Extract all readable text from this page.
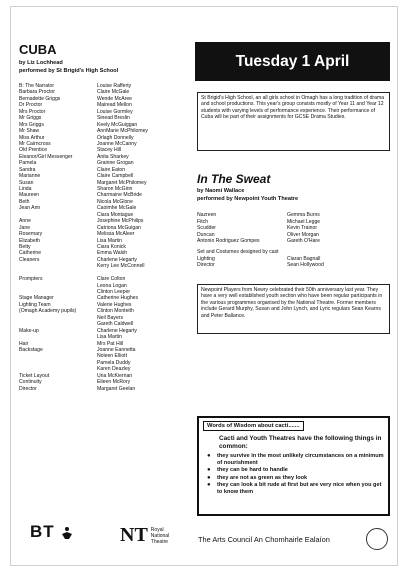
CUBA
by Liz Lochhead
performed by St Brigid's High School
B: The Narrator	Louise Rafferty
Barbara Proctor	Claire McGale
Bernadette Griggs	Wende McAree
Dr Proctor	Mairead Mellon
Mrs Proctor	Louise Gormley
Mr Griggs	Sinead Breslin
Mrs Griggs	Keely McGuiggan
Mr Shaw	AnnMarie McPhilomey
Miss Arthur	Orlagh Donnelly
Mr Cairncross	Joanne McCanny
Old Prentice	Stacey Hill
Eleanor/Girl Messenger	Anita Sharkey
Pamela	Grainne Grogan
Sandra	Claire Eaton
Marianne	Claire Campbell
Susan	Margaret McPhilomey
Linda	Sharon McGinn
Maureen	Charmaine McBride
Beth	Nicola McGlone
Jean Ann	Caoimhe McGale
Ciara Montague
Anne	Josephine McPhilips
Jane	Catriona McGuigan
Rosemary	Melissa McAleer
Elizabeth	Lisa Martin
Betty	Ciara Konick
Catherine	Emma Walsh
Cleaners	Charlene Hegarty
Kerry Lee McConnell
Prompters	Clare Colton
Leona Logan
Clinton Leeper
Stage Manager	Catherine Hughes
Lighting Team	Valerie Hughes
(Omagh Academy pupils)	Clinton Monteith
Neil Bayers
Gareth Caldwell
Make-up	Charlene Hegarty
Lisa Martin
Hair	Mrs Pat Hill
Backstage	Joanne Eannetta
Noleen Elliott
Pamela Duddy
Karen Deazley
Ticket Layout	Una McKiernan
Continuity	Eileen McRory
Director	Margaret Geelan
Tuesday 1 April
St Brigid's High School, an all girls school in Omagh has a long tradition of drama and school productions. This year's group consists mostly of Year 11 and Year 12 students with varying levels of performance experience. Their performance of Cuba will be part of their assignments for GCSE Drama Studies.
In The Sweat
by Naomi Wallace
performed by Newpoint Youth Theatre
Nazreen	Gemma Burns
Fitch	Michael Legge
Scudder	Kevin Trainor
Duncan	Oliver Morgan
Antonio Rodriguez Gompes	Gareth O'Hare
Set and Costumes designed by cast
Lighting	Ciaran Bagnall
Director	Sean Hollywood
Newpoint Players from Newry celebrated their 50th anniversary last year. They have a very well established youth section who have been regular participants in the various programmes organised by the National Theatre. Former members include Gerard Murphy, Susan and John Lynch, and Lyric regulars Sean Kearns and Peter Ballance.
Words of Wisdom about cacti.......
Cacti and Youth Theatres have the following things in common:
●	they survive in the most unlikely circumstances on a minimum of nourishment
●	they can be hard to handle
●	they are not as green as they look
●	they can look a bit rude at first but are very nice when you get to know them
BT	NT Royal
National
Theatre	The Arts Council An Chomhairle Ealaíon
